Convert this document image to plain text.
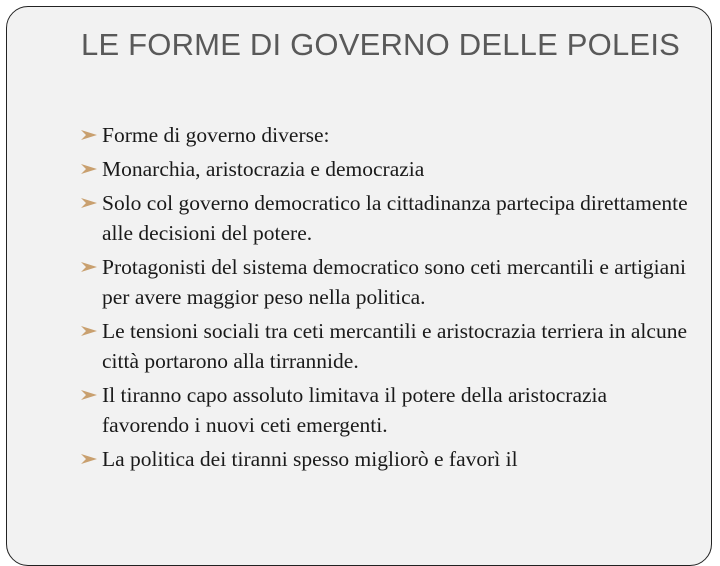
LE FORME DI GOVERNO DELLE POLEIS
Forme di governo diverse:
Monarchia, aristocrazia e democrazia
Solo col governo democratico la cittadinanza partecipa direttamente alle decisioni del potere.
Protagonisti del sistema democratico sono ceti mercantili e artigiani per avere maggior peso nella politica.
Le tensioni sociali tra ceti mercantili e aristocrazia terriera in alcune città portarono alla tirrannide.
Il tiranno capo assoluto limitava il potere della aristocrazia favorendo i nuovi ceti emergenti.
La politica dei tiranni spesso migliorò e favorì il
